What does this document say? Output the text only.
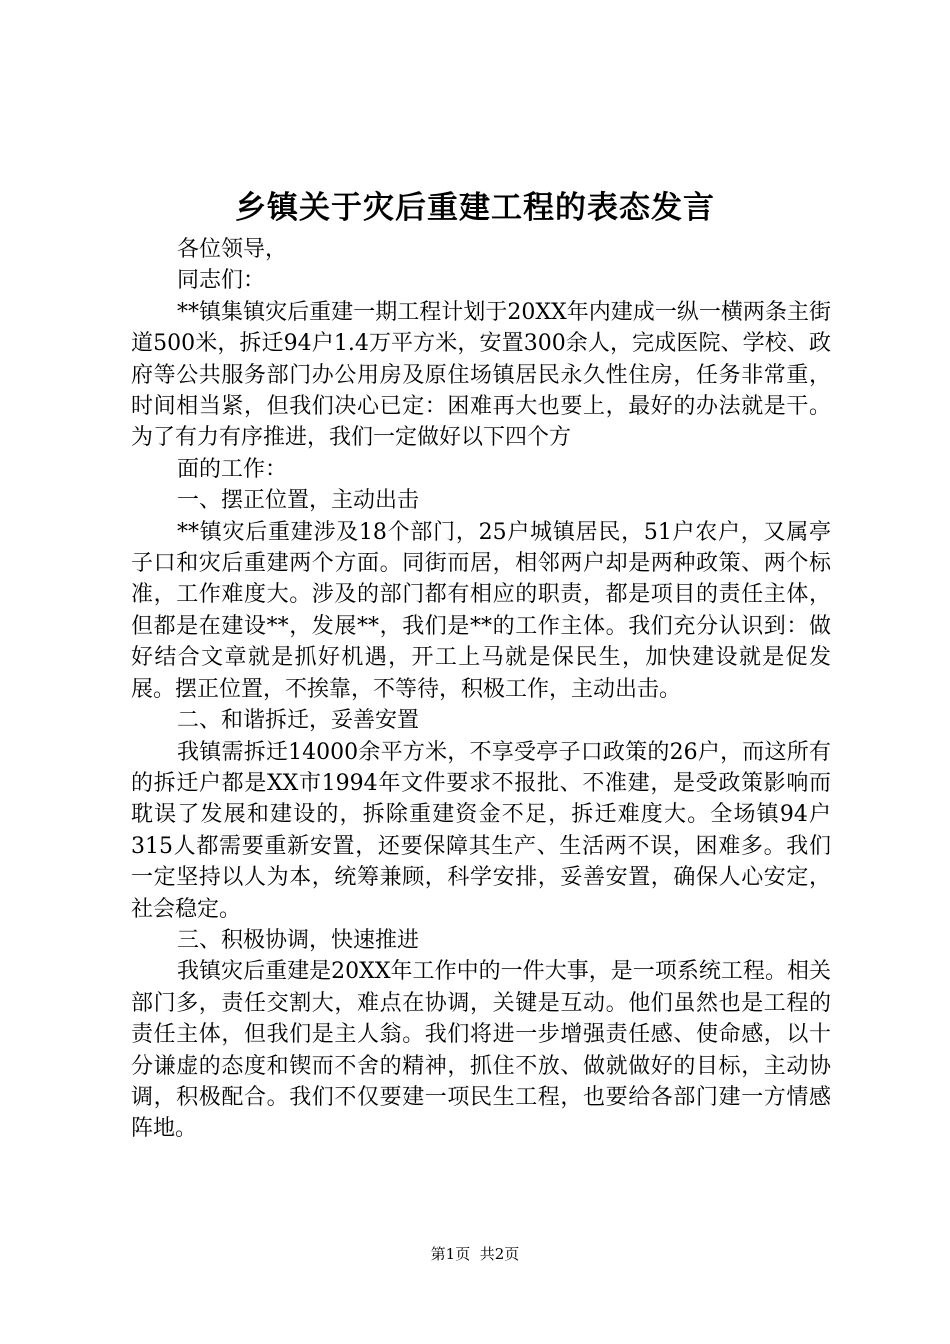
乡镇关于灾后重建工程的表态发言

各位领导，

同志们：

**镇集镇灾后重建一期工程计划于20XX年内建成一纵一横两条主街道500米，拆迁94户1.4万平方米，安置300余人，完成医院、学校、政府等公共服务部门办公用房及原住场镇居民永久性住房，任务非常重，时间相当紧，但我们决心已定：困难再大也要上，最好的办法就是干。为了有力有序推进，我们一定做好以下四个方

面的工作：

一、摆正位置，主动出击

**镇灾后重建涉及18个部门，25户城镇居民，51户农户，又属亭子口和灾后重建两个方面。同街而居，相邻两户却是两种政策、两个标准，工作难度大。涉及的部门都有相应的职责，都是项目的责任主体，但都是在建设**，发展**，我们是**的工作主体。我们充分认识到：做好结合文章就是抓好机遇，开工上马就是保民生，加快建设就是促发展。摆正位置，不挨靠，不等待，积极工作，主动出击。

二、和谐拆迁，妥善安置

我镇需拆迁14000余平方米，不享受亭子口政策的26户，而这所有的拆迁户都是XX市1994年文件要求不报批、不准建，是受政策影响而耽误了发展和建设的，拆除重建资金不足，拆迁难度大。全场镇94户315人都需要重新安置，还要保障其生产、生活两不误，困难多。我们一定坚持以人为本，统筹兼顾，科学安排，妥善安置，确保人心安定，社会稳定。

三、积极协调，快速推进

我镇灾后重建是20XX年工作中的一件大事，是一项系统工程。相关部门多，责任交割大，难点在协调，关键是互动。他们虽然也是工程的责任主体，但我们是主人翁。我们将进一步增强责任感、使命感，以十分谦虚的态度和锲而不舍的精神，抓住不放、做就做好的目标，主动协调，积极配合。我们不仅要建一项民生工程，也要给各部门建一方情感阵地。

第1页 共2页
